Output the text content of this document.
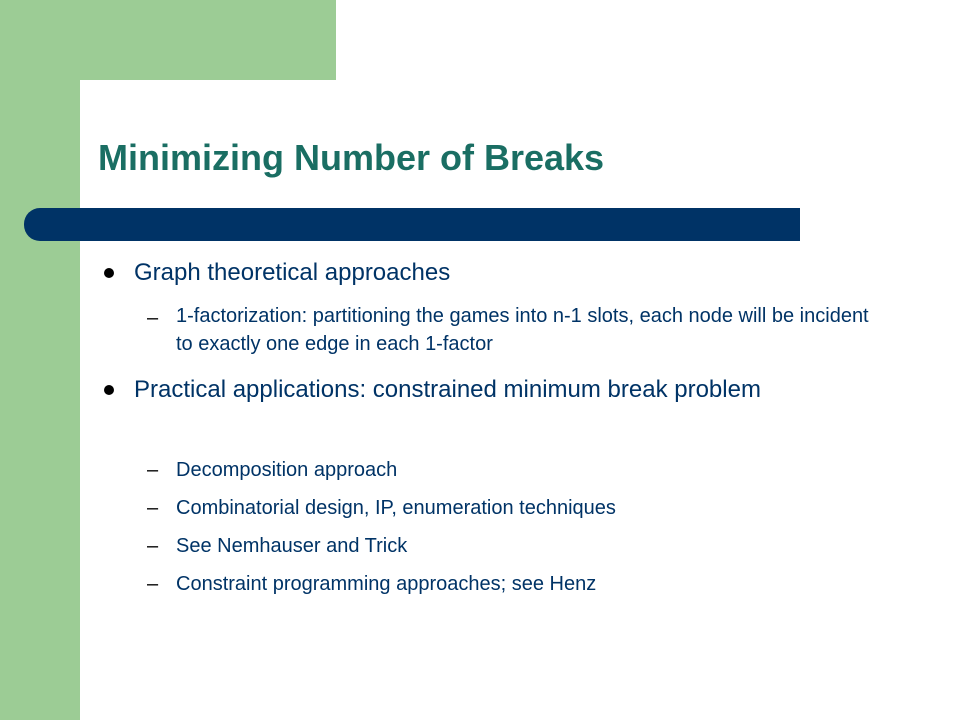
Minimizing Number of Breaks

Graph theoretical approaches

– 1-factorization: partitioning the games into n-1 slots, each node will be incident to exactly one edge in each 1-factor

Practical applications: constrained minimum break problem

– Decomposition approach

– Combinatorial design, IP, enumeration techniques

– See Nemhauser and Trick

– Constraint programming approaches; see Henz
